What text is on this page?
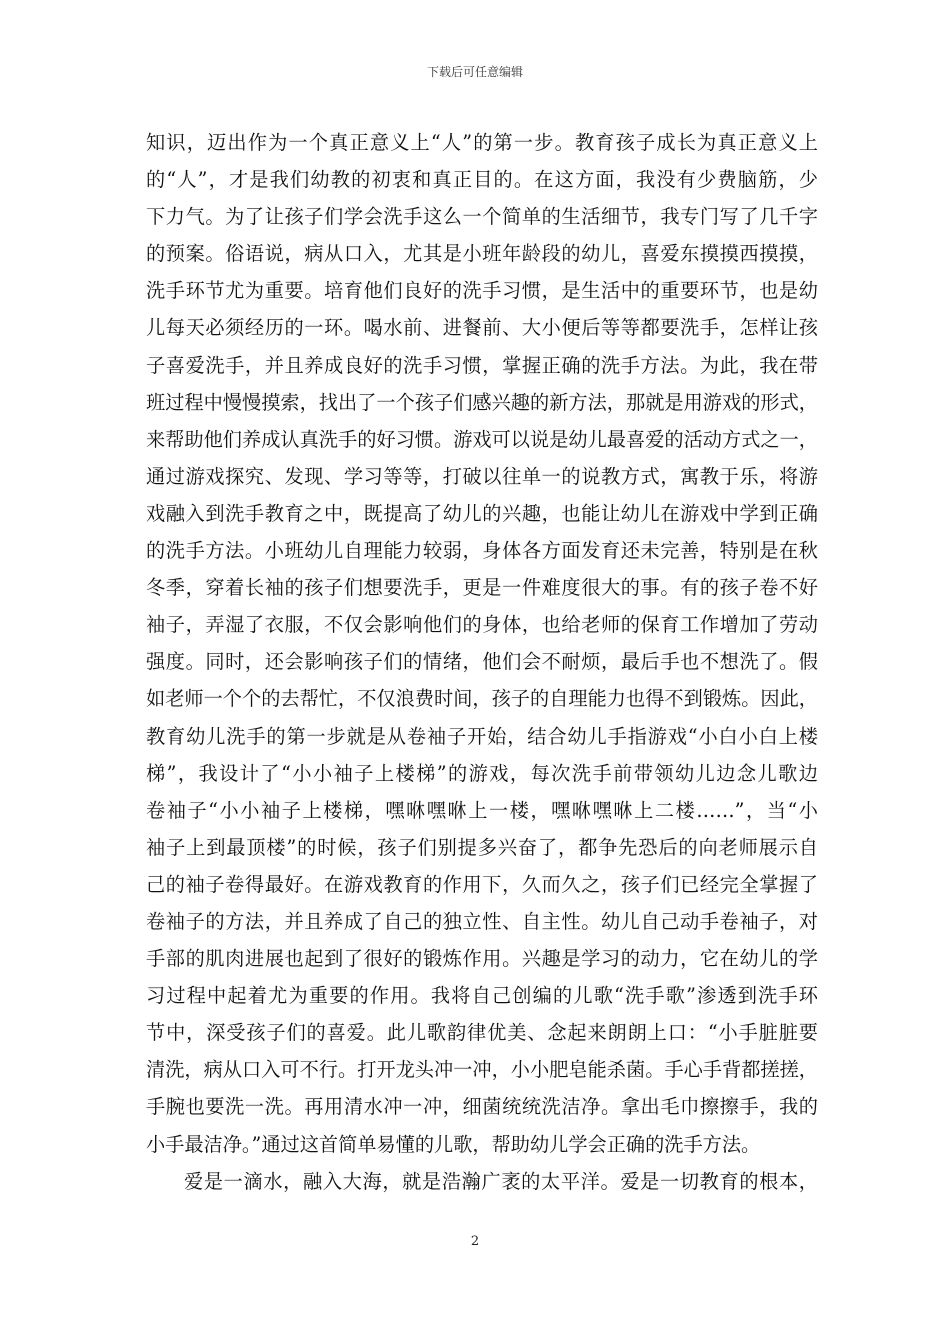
下载后可任意编辑
知识，迈出作为一个真正意义上“人”的第一步。教育孩子成长为真正意义上
的“人”，才是我们幼教的初衷和真正目的。在这方面，我没有少费脑筋，少
下力气。为了让孩子们学会洗手这么一个简单的生活细节，我专门写了几千字
的预案。俗语说，病从口入，尤其是小班年龄段的幼儿，喜爱东摸摸西摸摸，
洗手环节尤为重要。培育他们良好的洗手习惯，是生活中的重要环节，也是幼
儿每天必须经历的一环。喝水前、进餐前、大小便后等等都要洗手，怎样让孩
子喜爱洗手，并且养成良好的洗手习惯，掌握正确的洗手方法。为此，我在带
班过程中慢慢摸索，找出了一个孩子们感兴趣的新方法，那就是用游戏的形式，
来帮助他们养成认真洗手的好习惯。游戏可以说是幼儿最喜爱的活动方式之一，
通过游戏探究、发现、学习等等，打破以往单一的说教方式，寓教于乐，将游
戏融入到洗手教育之中，既提高了幼儿的兴趣，也能让幼儿在游戏中学到正确
的洗手方法。小班幼儿自理能力较弱，身体各方面发育还未完善，特别是在秋
冬季，穿着长袖的孩子们想要洗手，更是一件难度很大的事。有的孩子卷不好
袖子，弄湿了衣服，不仅会影响他们的身体，也给老师的保育工作增加了劳动
强度。同时，还会影响孩子们的情绪，他们会不耐烦，最后手也不想洗了。假
如老师一个个的去帮忙，不仅浪费时间，孩子的自理能力也得不到锻炼。因此，
教育幼儿洗手的第一步就是从卷袖子开始，结合幼儿手指游戏“小白小白上楼
梯”，我设计了“小小袖子上楼梯”的游戏，每次洗手前带领幼儿边念儿歌边
卷袖子“小小袖子上楼梯，嘿咻嘿咻上一楼，嘿咻嘿咻上二楼……”，当“小
袖子上到最顶楼”的时候，孩子们别提多兴奋了，都争先恐后的向老师展示自
己的袖子卷得最好。在游戏教育的作用下，久而久之，孩子们已经完全掌握了
卷袖子的方法，并且养成了自己的独立性、自主性。幼儿自己动手卷袖子，对
手部的肌肉进展也起到了很好的锻炼作用。兴趣是学习的动力，它在幼儿的学
习过程中起着尤为重要的作用。我将自己创编的儿歌“洗手歌”渗透到洗手环
节中，深受孩子们的喜爱。此儿歌韵律优美、念起来朗朗上口：“小手脏脏要
清洗，病从口入可不行。打开龙头冲一冲，小小肥皂能杀菌。手心手背都搓搓，
手腕也要洗一洗。再用清水冲一冲，细菌统统洗洁净。拿出毛巾擦擦手，我的
小手最洁净。”通过这首简单易懂的儿歌，帮助幼儿学会正确的洗手方法。
爱是一滴水，融入大海，就是浩瀚广袤的太平洋。爱是一切教育的根本，
2
